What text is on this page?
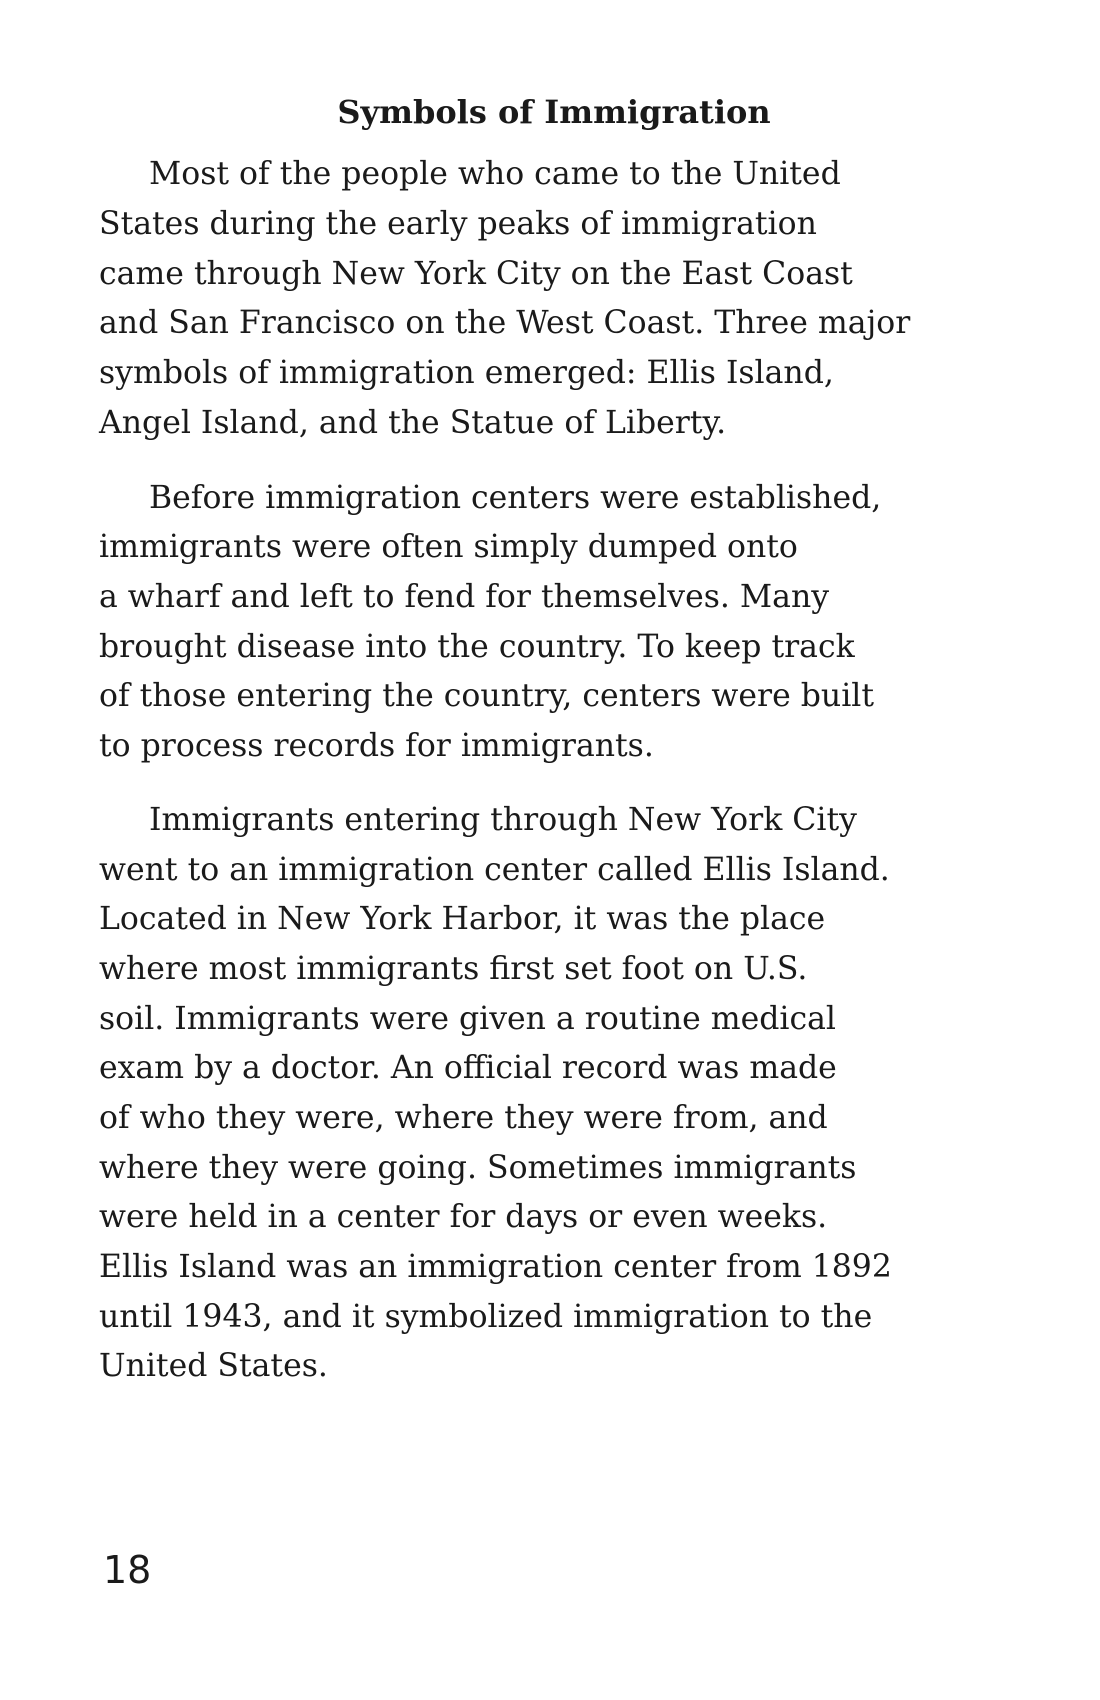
Symbols of Immigration

Most of the people who came to the United

States during the early peaks of immigration

came through New York City on the East Coast

and San Francisco on the West Coast. Three major

symbols of immigration emerged: Ellis Island,

Angel Island, and the Statue of Liberty.

Before immigration centers were established,

immigrants were often simply dumped onto

a wharf and left to fend for themselves. Many

brought disease into the country. To keep track

of those entering the country, centers were built

to process records for immigrants.

Immigrants entering through New York City

went to an immigration center called Ellis Island.

Located in New York Harbor, it was the place

where most immigrants first set foot on U.S.

soil. Immigrants were given a routine medical

exam by a doctor. An official record was made

of who they were, where they were from, and

where they were going. Sometimes immigrants

were held in a center for days or even weeks.

Ellis Island was an immigration center from 1892

until 1943, and it symbolized immigration to the

United States.

18
